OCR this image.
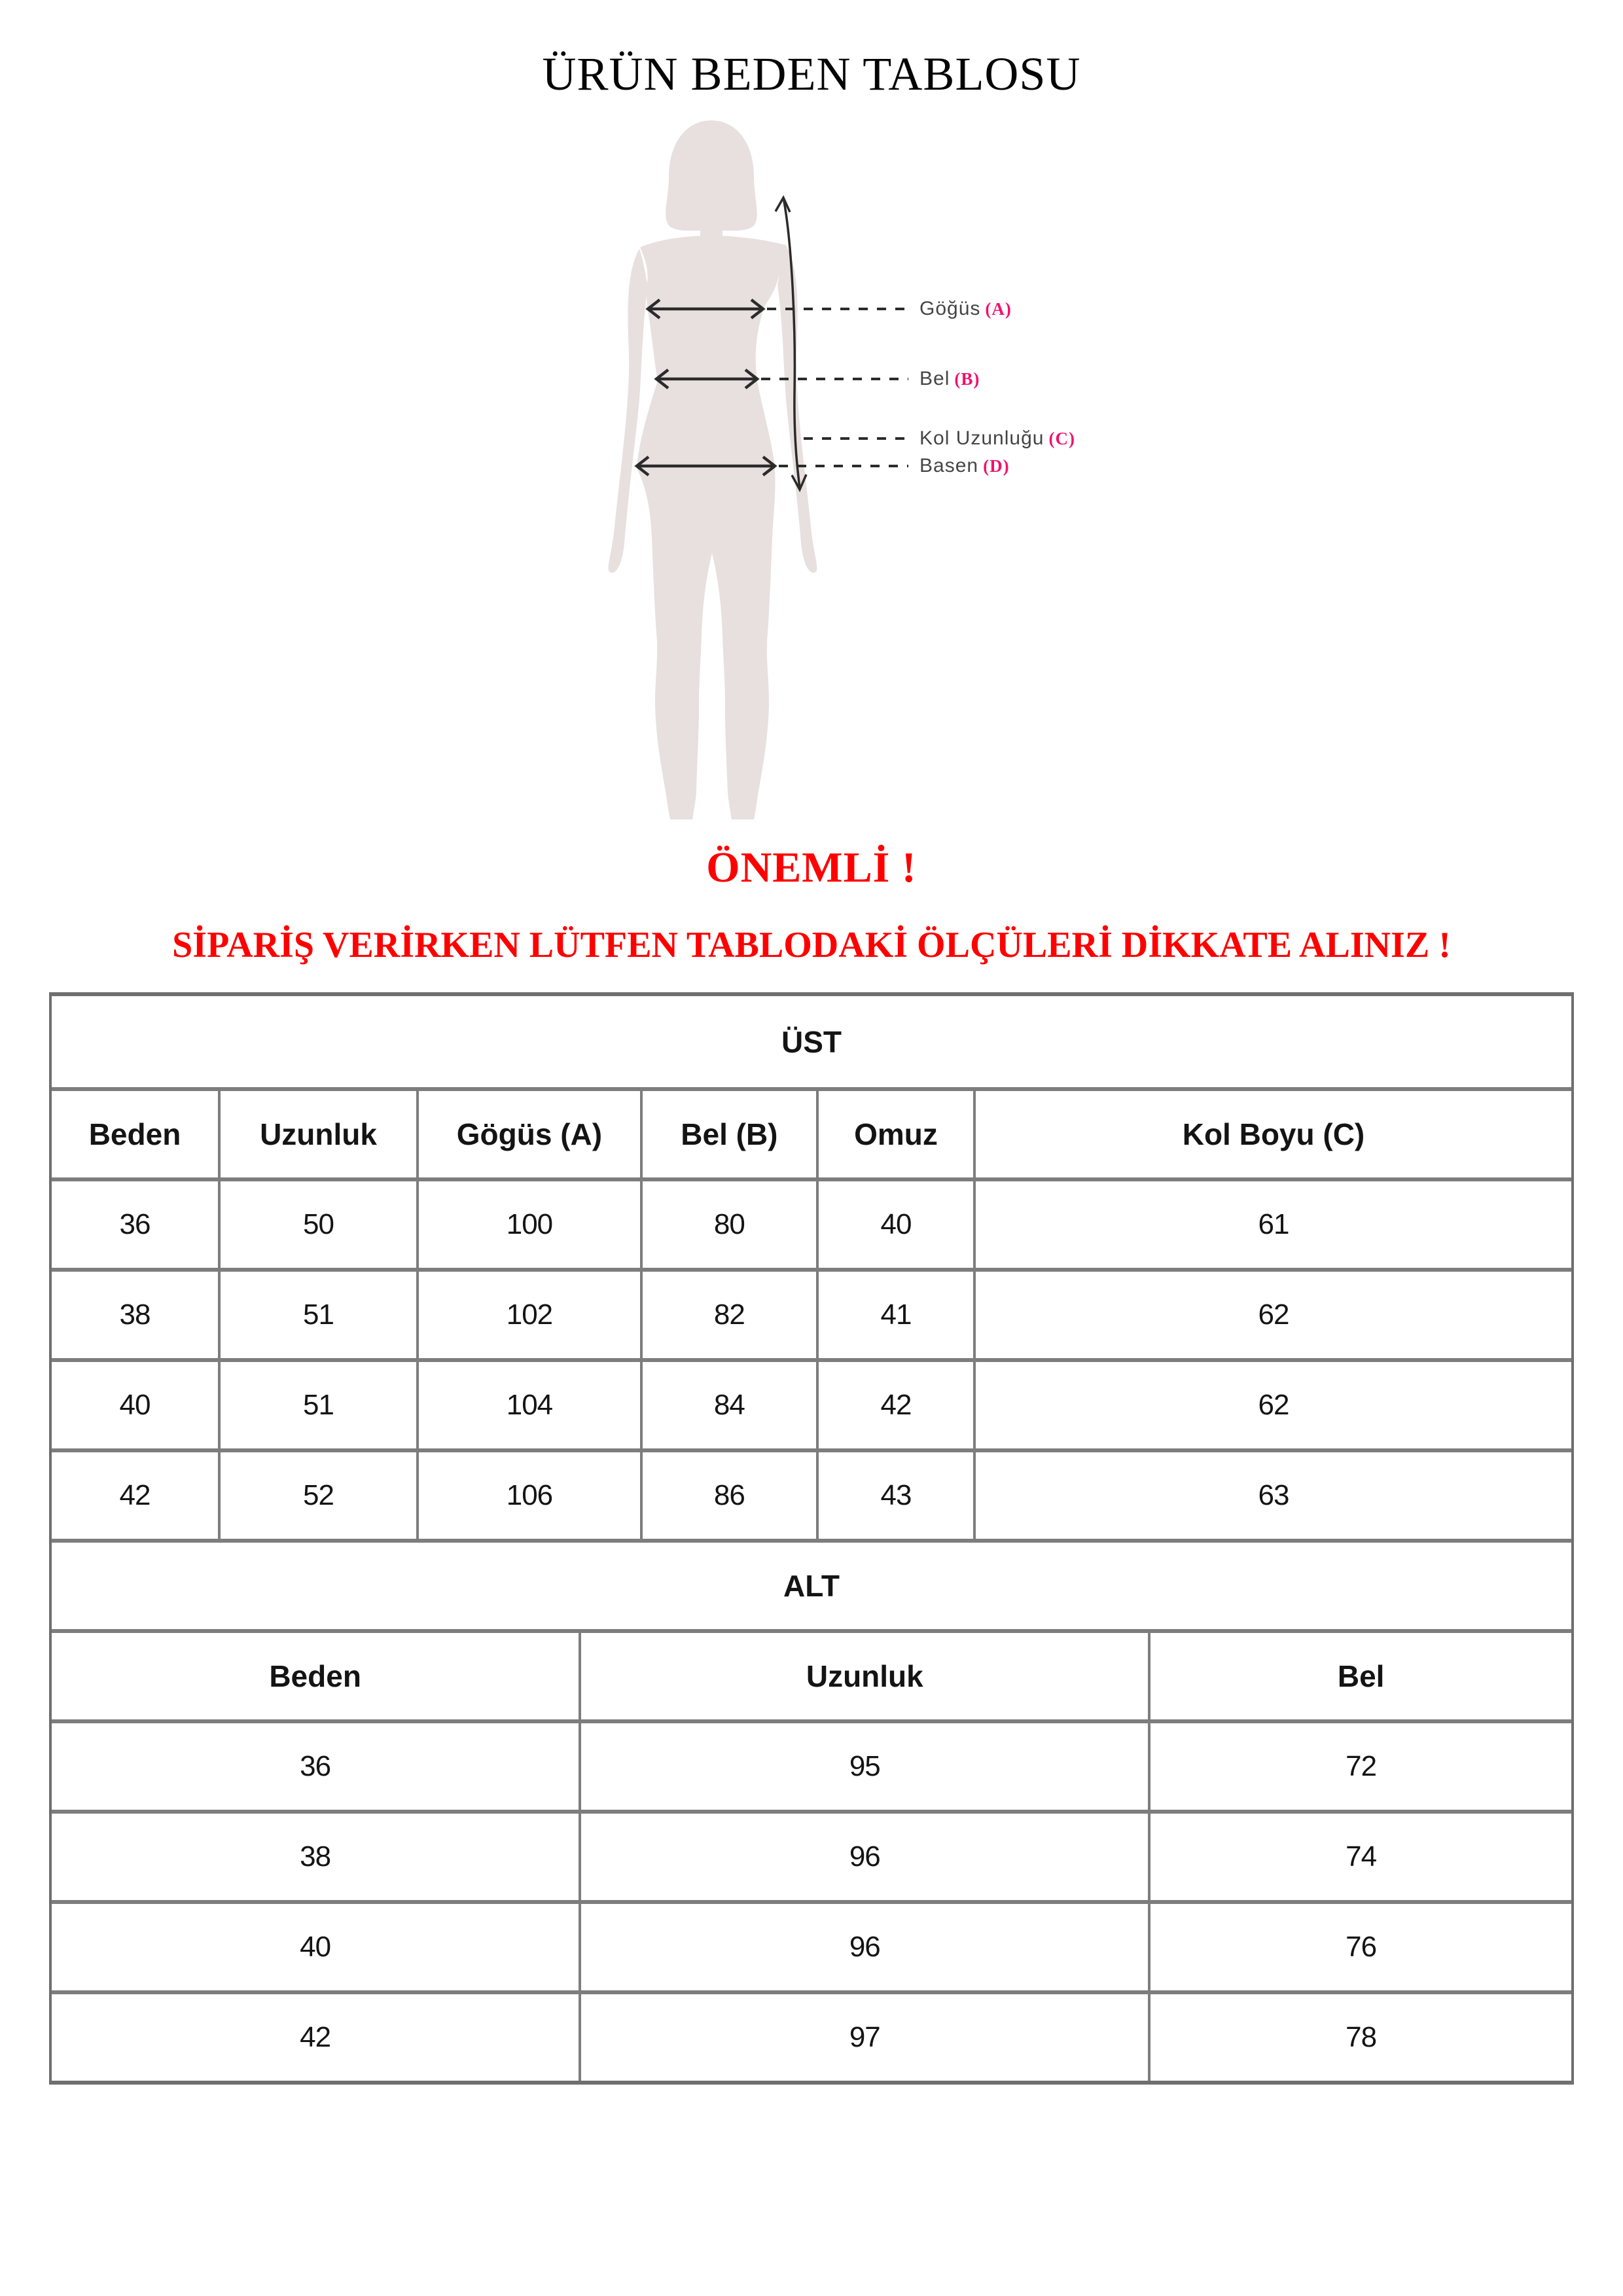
ÜRÜN BEDEN TABLOSU
Göğüs (A)
Bel (B)
Kol Uzunluğu (C)
Basen (D)
ÖNEMLİ !
SİPARİŞ VERİRKEN LÜTFEN TABLODAKİ ÖLÇÜLERİ DİKKATE ALINIZ !
ÜST
Beden	Uzunluk	Gögüs (A)	Bel (B)	Omuz	Kol Boyu (C)
36	50	100	80	40	61
38	51	102	82	41	62
40	51	104	84	42	62
42	52	106	86	43	63
ALT
Beden	Uzunluk	Bel
36	95	72
38	96	74
40	96	76
42	97	78
